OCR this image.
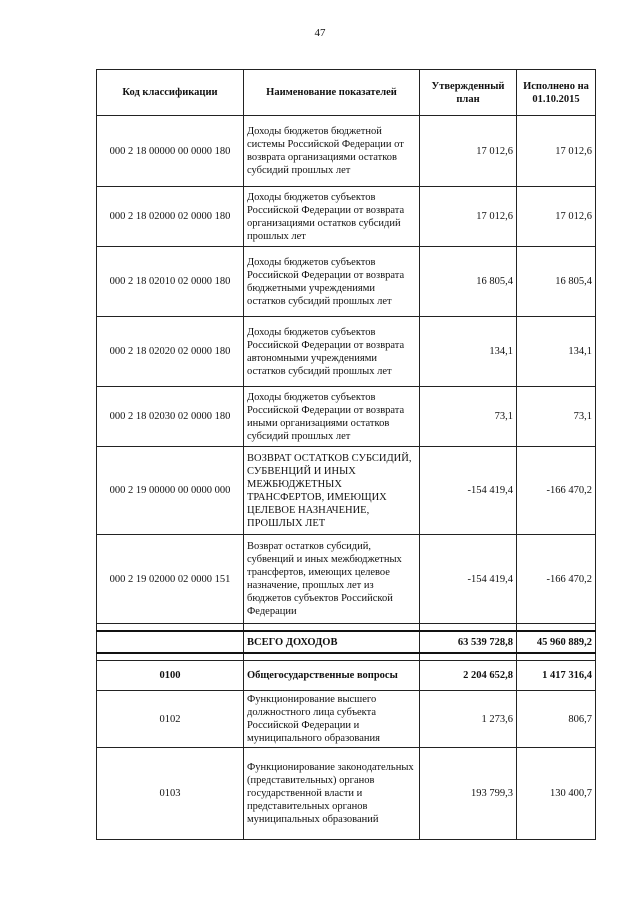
47
Код классификации	Наименование показателей	Утвержденный план	Исполнено на 01.10.2015
000 2 18 00000 00 0000 180	Доходы бюджетов бюджетной системы Российской Федерации от возврата организациями остатков субсидий прошлых лет	17 012,6	17 012,6
000 2 18 02000 02 0000 180	Доходы бюджетов субъектов Российской Федерации от возврата организациями остатков субсидий прошлых лет	17 012,6	17 012,6
000 2 18 02010 02 0000 180	Доходы бюджетов субъектов Российской Федерации от возврата бюджетными учреждениями остатков субсидий прошлых лет	16 805,4	16 805,4
000 2 18 02020 02 0000 180	Доходы бюджетов субъектов Российской Федерации от возврата автономными учреждениями остатков субсидий прошлых лет	134,1	134,1
000 2 18 02030 02 0000 180	Доходы бюджетов субъектов Российской Федерации от возврата иными организациями остатков субсидий прошлых лет	73,1	73,1
000 2 19 00000 00 0000 000	ВОЗВРАТ ОСТАТКОВ СУБСИДИЙ, СУБВЕНЦИЙ И ИНЫХ МЕЖБЮДЖЕТНЫХ ТРАНСФЕРТОВ, ИМЕЮЩИХ ЦЕЛЕВОЕ НАЗНАЧЕНИЕ, ПРОШЛЫХ ЛЕТ	-154 419,4	-166 470,2
000 2 19 02000 02 0000 151	Возврат остатков субсидий, субвенций и иных межбюджетных трансфертов, имеющих целевое назначение, прошлых лет из бюджетов субъектов Российской Федерации	-154 419,4	-166 470,2

	ВСЕГО ДОХОДОВ	63 539 728,8	45 960 889,2

0100	Общегосударственные вопросы	2 204 652,8	1 417 316,4
0102	Функционирование высшего должностного лица субъекта Российской Федерации и муниципального образования	1 273,6	806,7
0103	Функционирование законодательных (представительных) органов государственной власти и представительных органов муниципальных образований	193 799,3	130 400,7
